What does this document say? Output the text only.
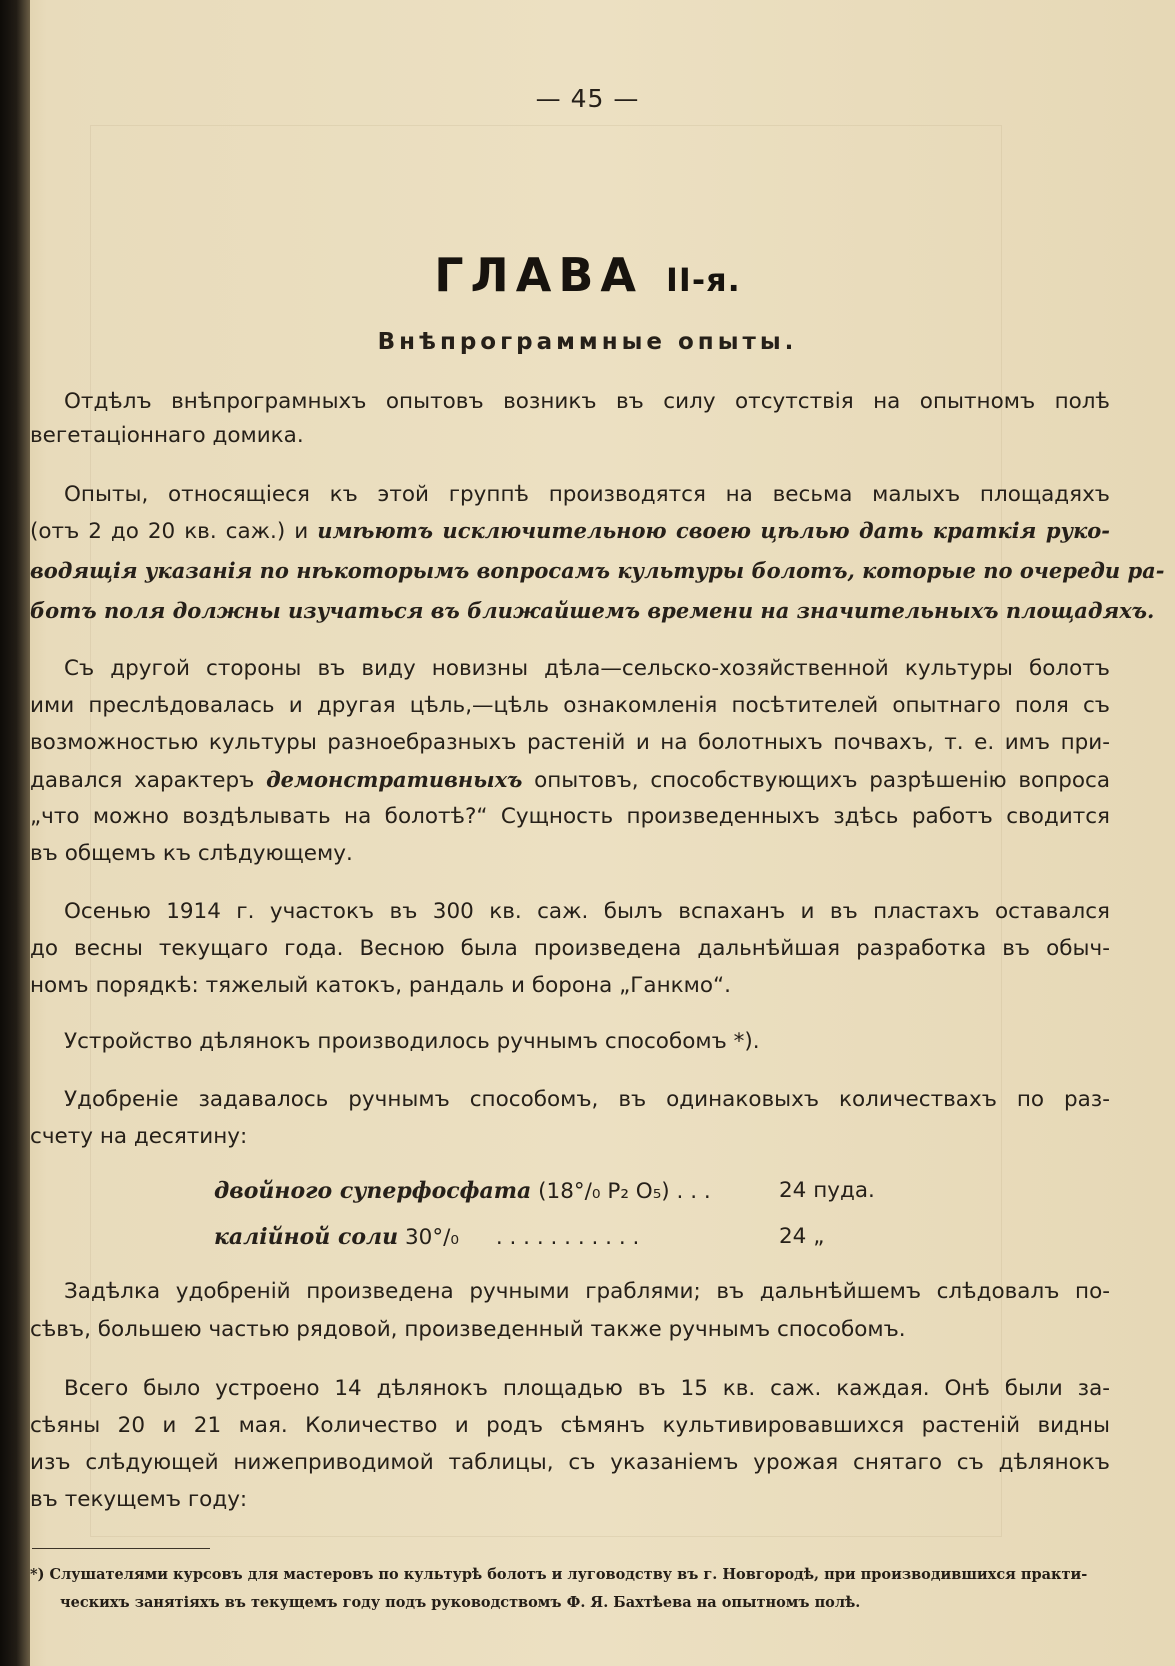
— 45 —
ГЛАВА II-я.
Внѣпрограммные опыты.
Отдѣлъ внѣпрограмныхъ опытовъ возникъ въ силу отсутствія на опытномъ полѣ
вегетаціоннаго домика.
Опыты, относящіеся къ этой группѣ производятся на весьма малыхъ площадяхъ
(отъ 2 до 20 кв. саж.) и имѣютъ исключительною своею цѣлью дать краткія руко-
водящія указанія по нѣкоторымъ вопросамъ культуры болотъ, которые по очереди ра-
ботъ поля должны изучаться въ ближайшемъ времени на значительныхъ площадяхъ.
Съ другой стороны въ виду новизны дѣла—сельско-хозяйственной культуры болотъ
ими преслѣдовалась и другая цѣль,—цѣль ознакомленія посѣтителей опытнаго поля съ
возможностью культуры разноебразныхъ растеній и на болотныхъ почвахъ, т. е. имъ при-
давался характеръ демонстративныхъ опытовъ, способствующихъ разрѣшенію вопроса
„что можно воздѣлывать на болотѣ?“ Сущность произведенныхъ здѣсь работъ сводится
въ общемъ къ слѣдующему.
Осенью 1914 г. участокъ въ 300 кв. саж. былъ вспаханъ и въ пластахъ оставался
до весны текущаго года. Весною была произведена дальнѣйшая разработка въ обыч-
номъ порядкѣ: тяжелый катокъ, рандаль и борона „Ганкмо“.
Устройство дѣлянокъ производилось ручнымъ способомъ *).
Удобреніе задавалось ручнымъ способомъ, въ одинаковыхъ количествахъ по раз-
счету на десятину:
двойного суперфосфата (18°/₀ P₂ O₅) . . .	24 пуда.
калійной соли 30°/₀ . . . . . . . . . . .	24 „
Задѣлка удобреній произведена ручными граблями; въ дальнѣйшемъ слѣдовалъ по-
сѣвъ, большею частью рядовой, произведенный также ручнымъ способомъ.
Всего было устроено 14 дѣлянокъ площадью въ 15 кв. саж. каждая. Онѣ были за-
сѣяны 20 и 21 мая. Количество и родъ сѣмянъ культивировавшихся растеній видны
изъ слѣдующей нижеприводимой таблицы, съ указаніемъ урожая снятаго съ дѣлянокъ
въ текущемъ году:
*) Слушателями курсовъ для мастеровъ по культурѣ болотъ и луговодству въ г. Новгородѣ, при производившихся практи-
ческихъ занятіяхъ въ текущемъ году подъ руководствомъ Ф. Я. Бахтѣева на опытномъ полѣ.
